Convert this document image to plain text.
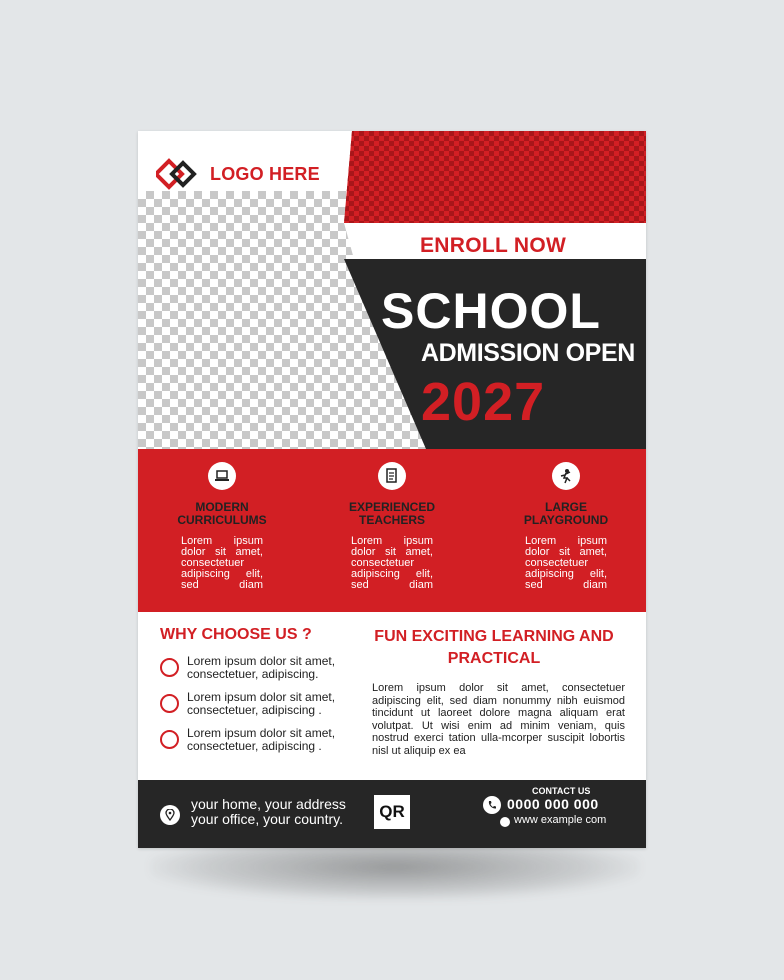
LOGO HERE
ENROLL NOW
SCHOOL
ADMISSION OPEN
2027
MODERN
CURRICULUMS
Lorem ipsum dolor sit amet, consectetuer adipiscing elit, sed diam
EXPERIENCED
TEACHERS
Lorem ipsum dolor sit amet, consectetuer adipiscing elit, sed diam
LARGE
PLAYGROUND
Lorem ipsum dolor sit amet, consectetuer adipiscing elit, sed diam
WHY CHOOSE US ?
Lorem ipsum dolor sit amet, consectetuer, adipiscing.
Lorem ipsum dolor sit amet, consectetuer, adipiscing .
Lorem ipsum dolor sit amet, consectetuer, adipiscing .
FUN EXCITING LEARNING AND PRACTICAL
Lorem ipsum dolor sit amet, consectetuer adipiscing elit, sed diam nonummy nibh euismod tincidunt ut laoreet dolore magna aliquam erat volutpat. Ut wisi enim ad minim veniam, quis nostrud exerci tation ulla-mcorper suscipit lobortis nisl ut aliquip ex ea
your home, your address
your office, your country.	QR
CONTACT US
0000 000 000
www example com
